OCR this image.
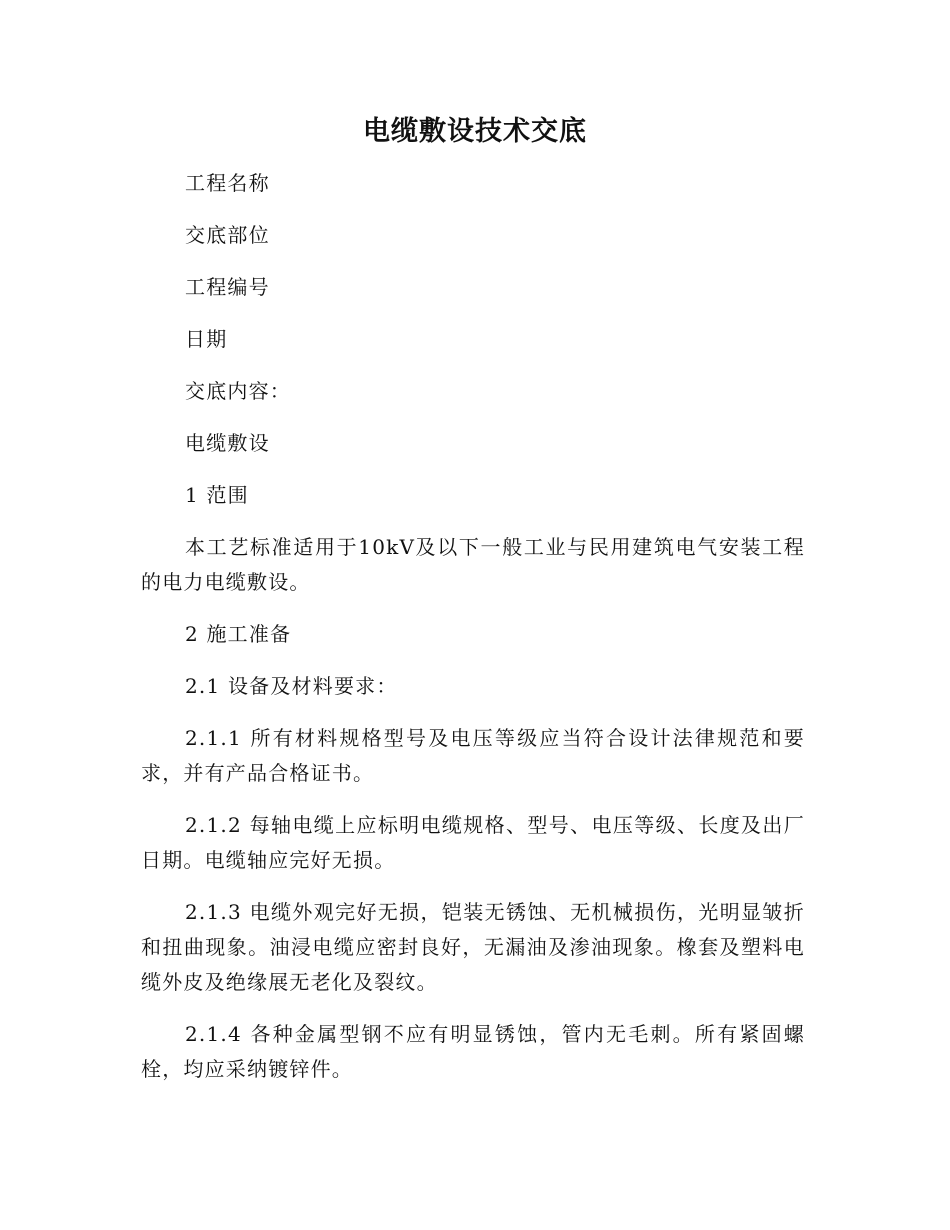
电缆敷设技术交底

工程名称

交底部位

工程编号

日期

交底内容：

电缆敷设

1 范围

本工艺标准适用于10kV及以下一般工业与民用建筑电气安装工程的电力电缆敷设。

2 施工准备

2.1 设备及材料要求：

2.1.1 所有材料规格型号及电压等级应当符合设计法律规范和要求，并有产品合格证书。

2.1.2 每轴电缆上应标明电缆规格、型号、电压等级、长度及出厂日期。电缆轴应完好无损。

2.1.3 电缆外观完好无损，铠装无锈蚀、无机械损伤，光明显皱折和扭曲现象。油浸电缆应密封良好，无漏油及渗油现象。橡套及塑料电缆外皮及绝缘展无老化及裂纹。

2.1.4 各种金属型钢不应有明显锈蚀，管内无毛刺。所有紧固螺栓，均应采纳镀锌件。
